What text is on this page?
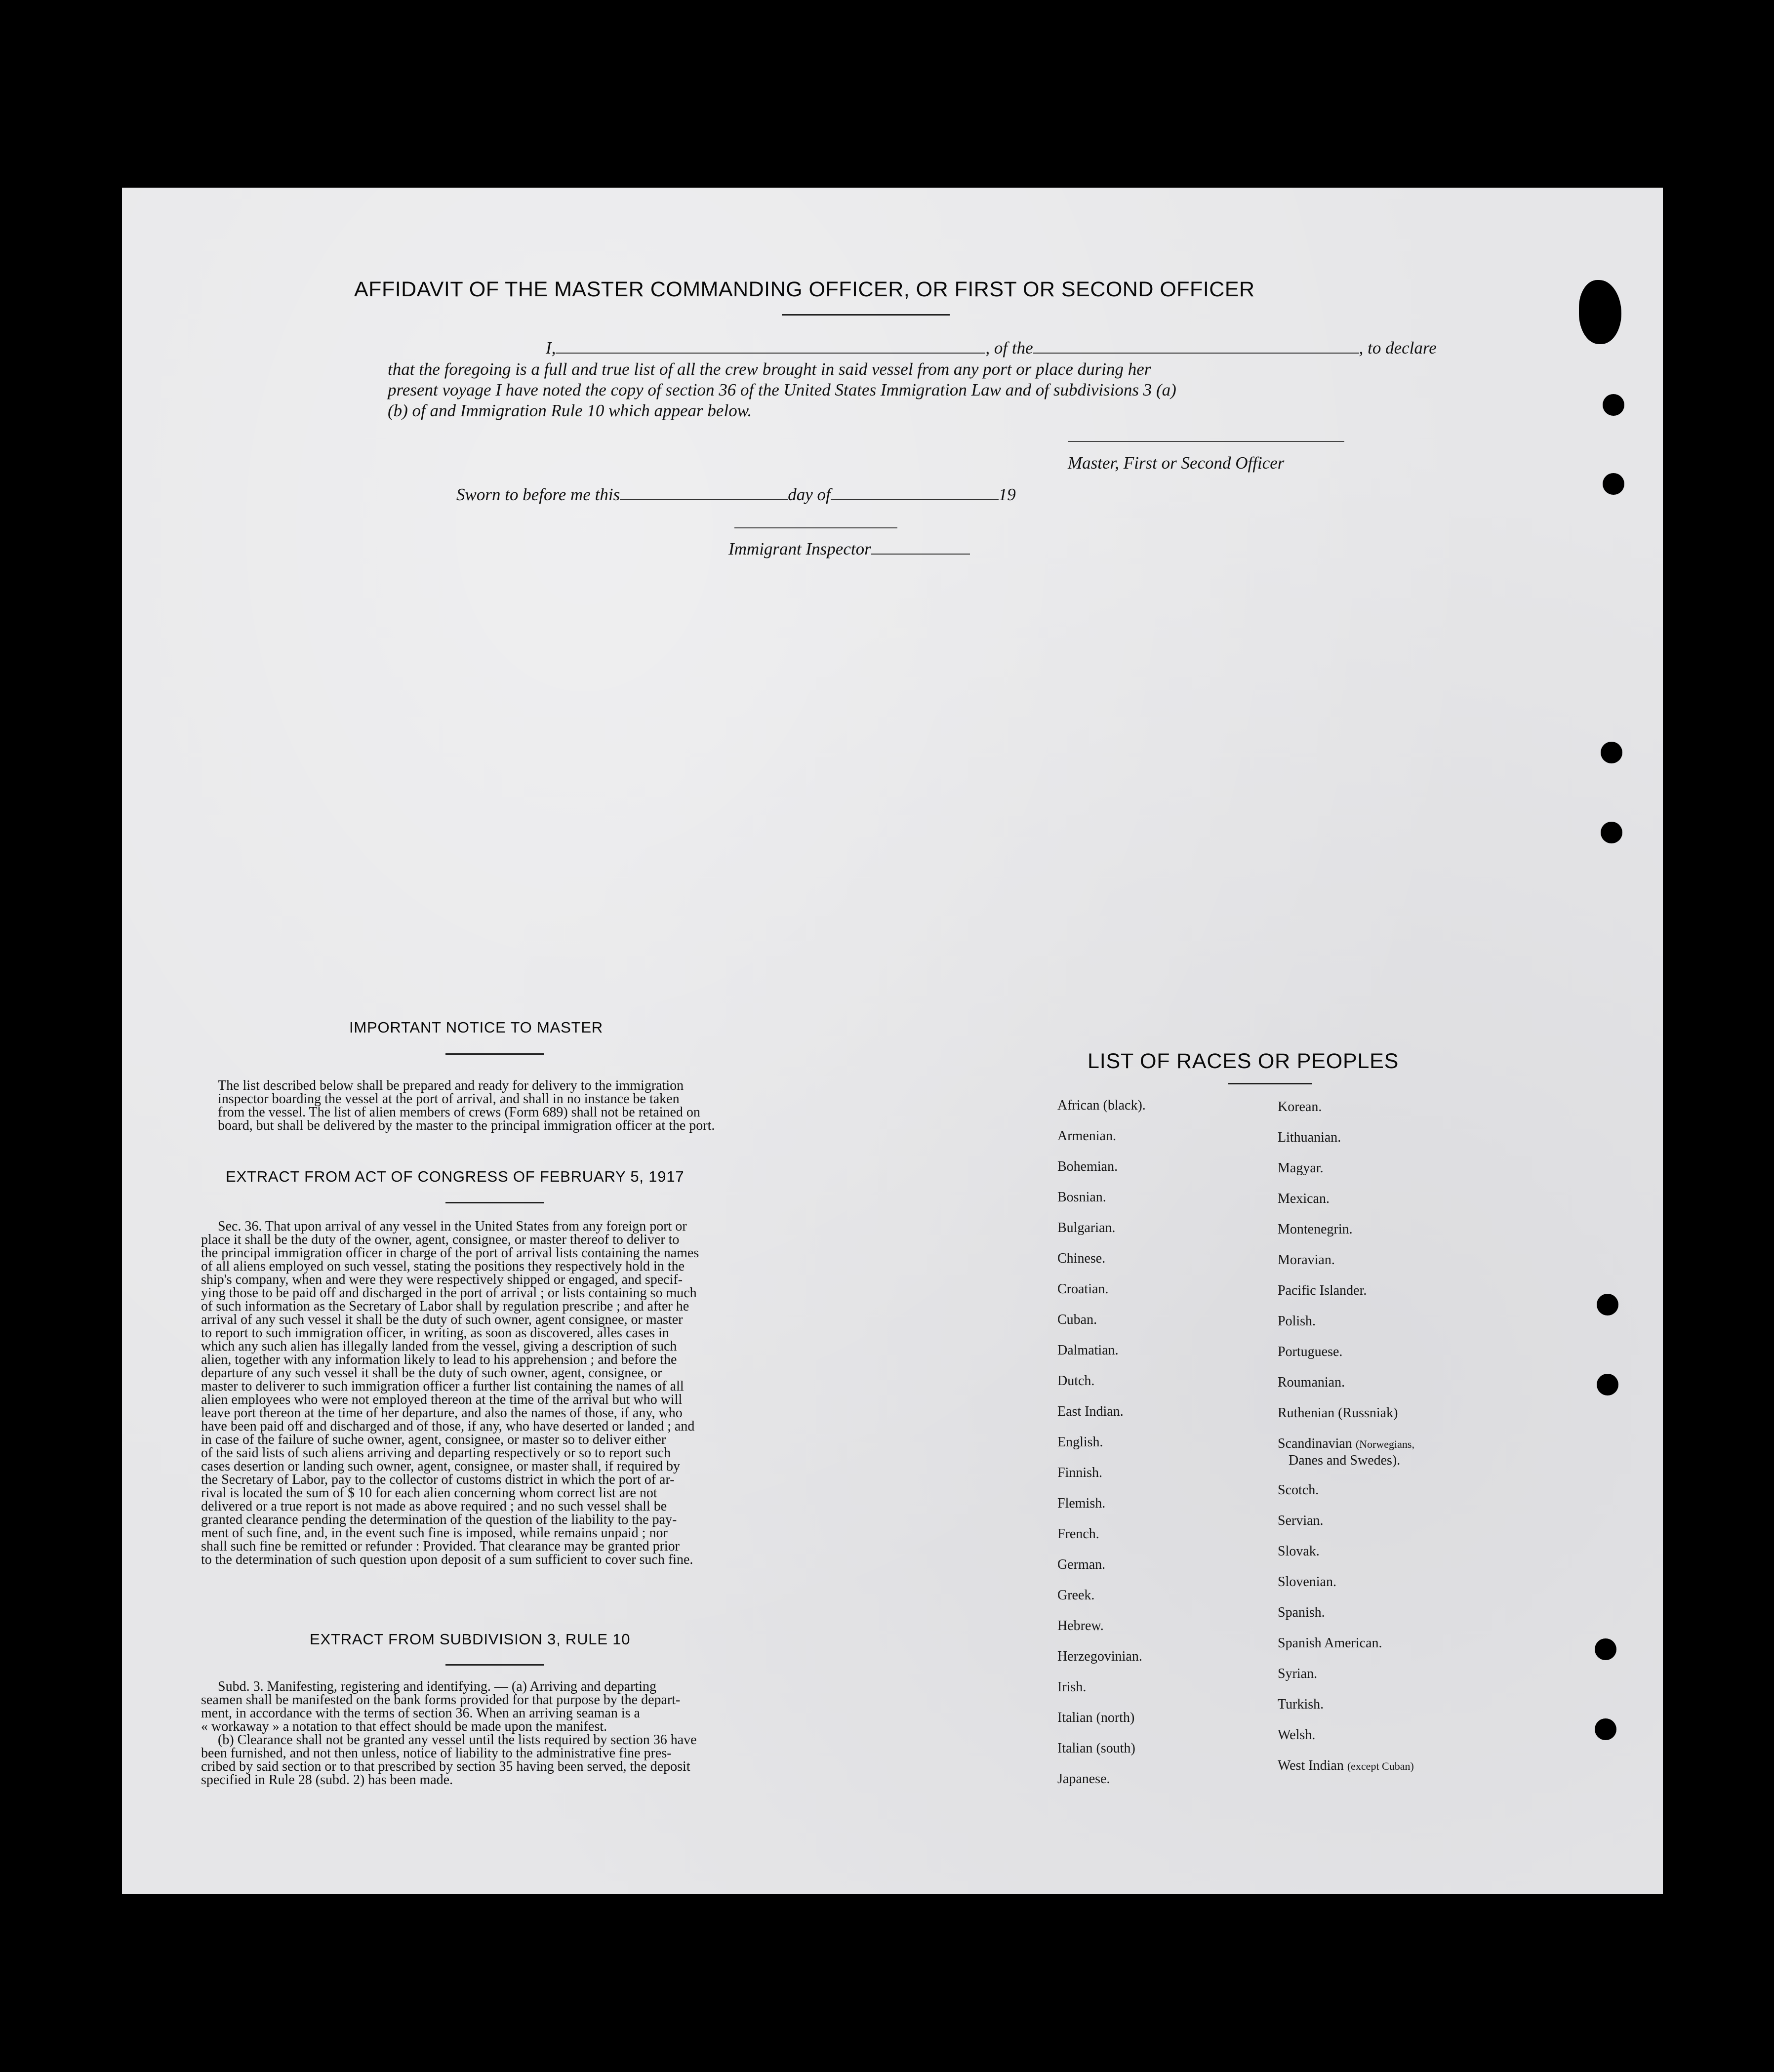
AFFIDAVIT OF THE MASTER COMMANDING OFFICER, OR FIRST OR SECOND OFFICER
I,	, of the	, to declare
that the foregoing is a full and true list of all the crew brought in said vessel from any port or place during her
present voyage I have noted the copy of section 36 of the United States Immigration Law and of subdivisions 3 (a)
(b) of and Immigration Rule 10 which appear below.
Master, First or Second Officer
Sworn to before me this	day of	19
Immigrant Inspector
IMPORTANT NOTICE TO MASTER
The list described below shall be prepared and ready for delivery to the immigration
inspector boarding the vessel at the port of arrival, and shall in no instance be taken
from the vessel. The list of alien members of crews (Form 689) shall not be retained on
board, but shall be delivered by the master to the principal immigration officer at the port.
EXTRACT FROM ACT OF CONGRESS OF FEBRUARY 5, 1917
Sec. 36. That upon arrival of any vessel in the United States from any foreign port or
place it shall be the duty of the owner, agent, consignee, or master thereof to deliver to
the principal immigration officer in charge of the port of arrival lists containing the names
of all aliens employed on such vessel, stating the positions they respectively hold in the
ship's company, when and were they were respectively shipped or engaged, and specif-
ying those to be paid off and discharged in the port of arrival ; or lists containing so much
of such information as the Secretary of Labor shall by regulation prescribe ; and after he
arrival of any such vessel it shall be the duty of such owner, agent consignee, or master
to report to such immigration officer, in writing, as soon as discovered, alles cases in
which any such alien has illegally landed from the vessel, giving a description of such
alien, together with any information likely to lead to his apprehension ; and before the
departure of any such vessel it shall be the duty of such owner, agent, consignee, or
master to deliverer to such immigration officer a further list containing the names of all
alien employees who were not employed thereon at the time of the arrival but who will
leave port thereon at the time of her departure, and also the names of those, if any, who
have been paid off and discharged and of those, if any, who have deserted or landed ; and
in case of the failure of suche owner, agent, consignee, or master so to deliver either
of the said lists of such aliens arriving and departing respectively or so to report such
cases desertion or landing such owner, agent, consignee, or master shall, if required by
the Secretary of Labor, pay to the collector of customs district in which the port of ar-
rival is located the sum of $ 10 for each alien concerning whom correct list are not
delivered or a true report is not made as above required ; and no such vessel shall be
granted clearance pending the determination of the question of the liability to the pay-
ment of such fine, and, in the event such fine is imposed, while remains unpaid ; nor
shall such fine be remitted or refunder : Provided. That clearance may be granted prior
to the determination of such question upon deposit of a sum sufficient to cover such fine.
EXTRACT FROM SUBDIVISION 3, RULE 10
Subd. 3. Manifesting, registering and identifying. — (a) Arriving and departing
seamen shall be manifested on the bank forms provided for that purpose by the depart-
ment, in accordance with the terms of section 36. When an arriving seaman is a
« workaway » a notation to that effect should be made upon the manifest.
(b) Clearance shall not be granted any vessel until the lists required by section 36 have
been furnished, and not then unless, notice of liability to the administrative fine pres-
cribed by said section or to that prescribed by section 35 having been served, the deposit
specified in Rule 28 (subd. 2) has been made.
LIST OF RACES OR PEOPLES
African (black).
Armenian.
Bohemian.
Bosnian.
Bulgarian.
Chinese.
Croatian.
Cuban.
Dalmatian.
Dutch.
East Indian.
English.
Finnish.
Flemish.
French.
German.
Greek.
Hebrew.
Herzegovinian.
Irish.
Italian (north)
Italian (south)
Japanese.
Korean.
Lithuanian.
Magyar.
Mexican.
Montenegrin.
Moravian.
Pacific Islander.
Polish.
Portuguese.
Roumanian.
Ruthenian (Russniak)
Scandinavian (Norwegians,
Danes and Swedes).
Scotch.
Servian.
Slovak.
Slovenian.
Spanish.
Spanish American.
Syrian.
Turkish.
Welsh.
West Indian (except Cuban)
